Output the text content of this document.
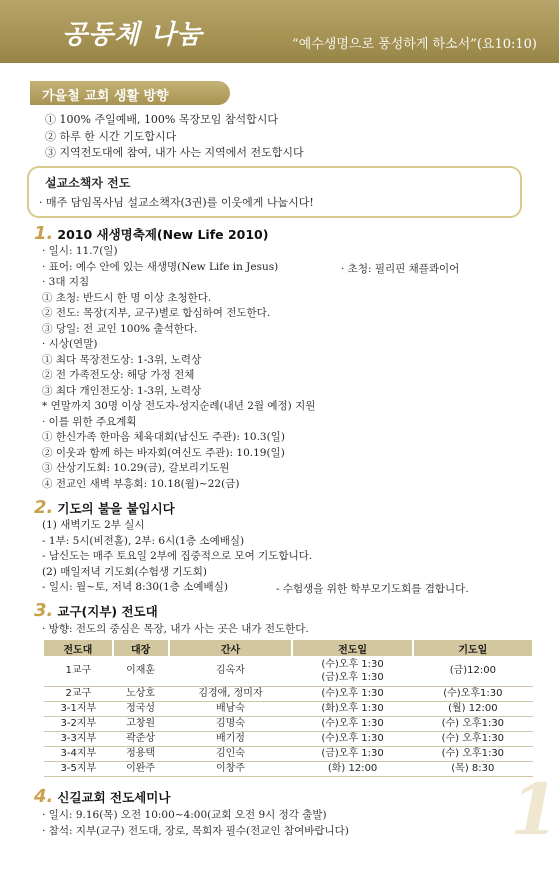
공동체 나눔	“예수생명으로 풍성하게 하소서”(요10:10)
가을철 교회 생활 방향
① 100% 주일예배, 100% 목장모임 참석합시다
② 하루 한 시간 기도합시다
③ 지역전도대에 참여, 내가 사는 지역에서 전도합시다
설교소책자 전도
· 매주 담임목사님 설교소책자(3권)를 이웃에게 나눕시다!
1. 2010 새생명축제(New Life 2010)
· 일시: 11.7(일)
· 표어: 예수 안에 있는 새생명(New Life in Jesus)
· 3대 지침
① 초청: 반드시 한 명 이상 초청한다.
② 전도: 목장(지부, 교구)별로 합심하여 전도한다.
③ 당일: 전 교인 100% 출석한다.
· 시상(연말)
① 최다 목장전도상: 1-3위, 노력상
② 전 가족전도상: 해당 가정 전체
③ 최다 개인전도상: 1-3위, 노력상
* 연말까지 30명 이상 전도자-성지순례(내년 2월 예정) 지원
· 이를 위한 주요계획
① 한신가족 한마음 체육대회(남신도 주관): 10.3(일)
② 이웃과 함께 하는 바자회(여신도 주관): 10.19(일)
③ 산상기도회: 10.29(금), 갈보리기도원
④ 전교인 새벽 부흥회: 10.18(월)~22(금)
· 초청: 필리핀 채플콰이어
2. 기도의 불을 붙입시다
(1) 새벽기도 2부 실시
- 1부: 5시(비전홀), 2부: 6시(1층 소예배실)
- 남신도는 매주 토요일 2부에 집중적으로 모여 기도합니다.
(2) 매일저녁 기도회(수험생 기도회)
- 일시: 월~토, 저녁 8:30(1층 소예배실)	- 수험생을 위한 학부모기도회를 겸합니다.
3. 교구(지부) 전도대
· 방향: 전도의 중심은 목장, 내가 사는 곳은 내가 전도한다.
전도대	대장	간사	전도일	기도일
1교구	이재훈	김옥자	(수)오후 1:30
(금)오후 1:30	(금)12:00
2교구	노상호	김경애, 정미자	(수)오후 1:30	(수)오후1:30
3-1지부	정국성	배남숙	(화)오후 1:30	(월) 12:00
3-2지부	고창원	김명숙	(수)오후 1:30	(수) 오후1:30
3-3지부	곽준상	배기정	(수)오후 1:30	(수) 오후1:30
3-4지부	정용택	김인숙	(금)오후 1:30	(수) 오후1:30
3-5지부	이완주	이창주	(화) 12:00	(목) 8:30
4. 신길교회 전도세미나
· 일시: 9.16(목) 오전 10:00~4:00(교회 오전 9시 정각 출발)
· 참석: 지부(교구) 전도대, 장로, 목회자 필수(전교인 참여바랍니다) 1
